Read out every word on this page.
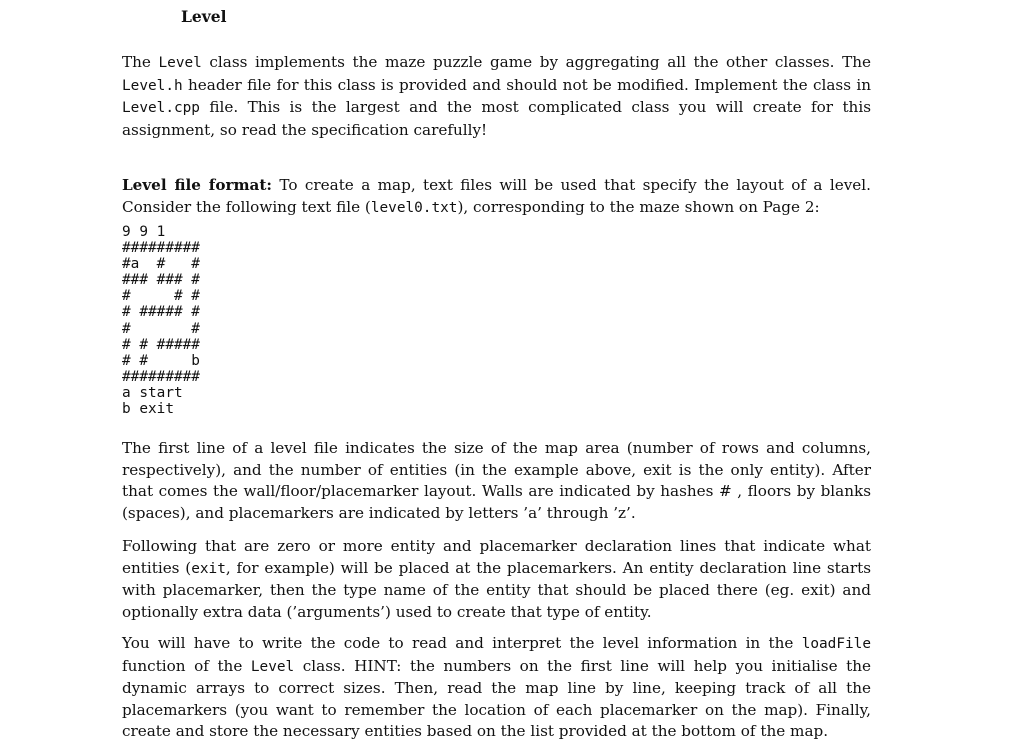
Level

The Level class implements the maze puzzle game by aggregating all the other classes. The Level.h header file for this class is provided and should not be modified. Implement the class in Level.cpp file. This is the largest and the most complicated class you will create for this assignment, so read the specification carefully!

Level file format: To create a map, text files will be used that specify the layout of a level. Consider the following text file (level0.txt), corresponding to the maze shown on Page 2:

9 9 1
#########
#a  #   #
### ### #
#     # #
# ##### #
#       #
# # #####
# #     b
#########
a start
b exit

The first line of a level file indicates the size of the map area (number of rows and columns, respectively), and the number of entities (in the example above, exit is the only entity). After that comes the wall/floor/placemarker layout. Walls are indicated by hashes # , floors by blanks (spaces), and placemarkers are indicated by letters ’a’ through ’z’.

Following that are zero or more entity and placemarker declaration lines that indicate what entities (exit, for example) will be placed at the placemarkers. An entity declaration line starts with placemarker, then the type name of the entity that should be placed there (eg. exit) and optionally extra data (’arguments’) used to create that type of entity.

You will have to write the code to read and interpret the level information in the loadFile function of the Level class. HINT: the numbers on the first line will help you initialise the dynamic arrays to correct sizes. Then, read the map line by line, keeping track of all the placemarkers (you want to remember the location of each placemarker on the map). Finally, create and store the necessary entities based on the list provided at the bottom of the map.
